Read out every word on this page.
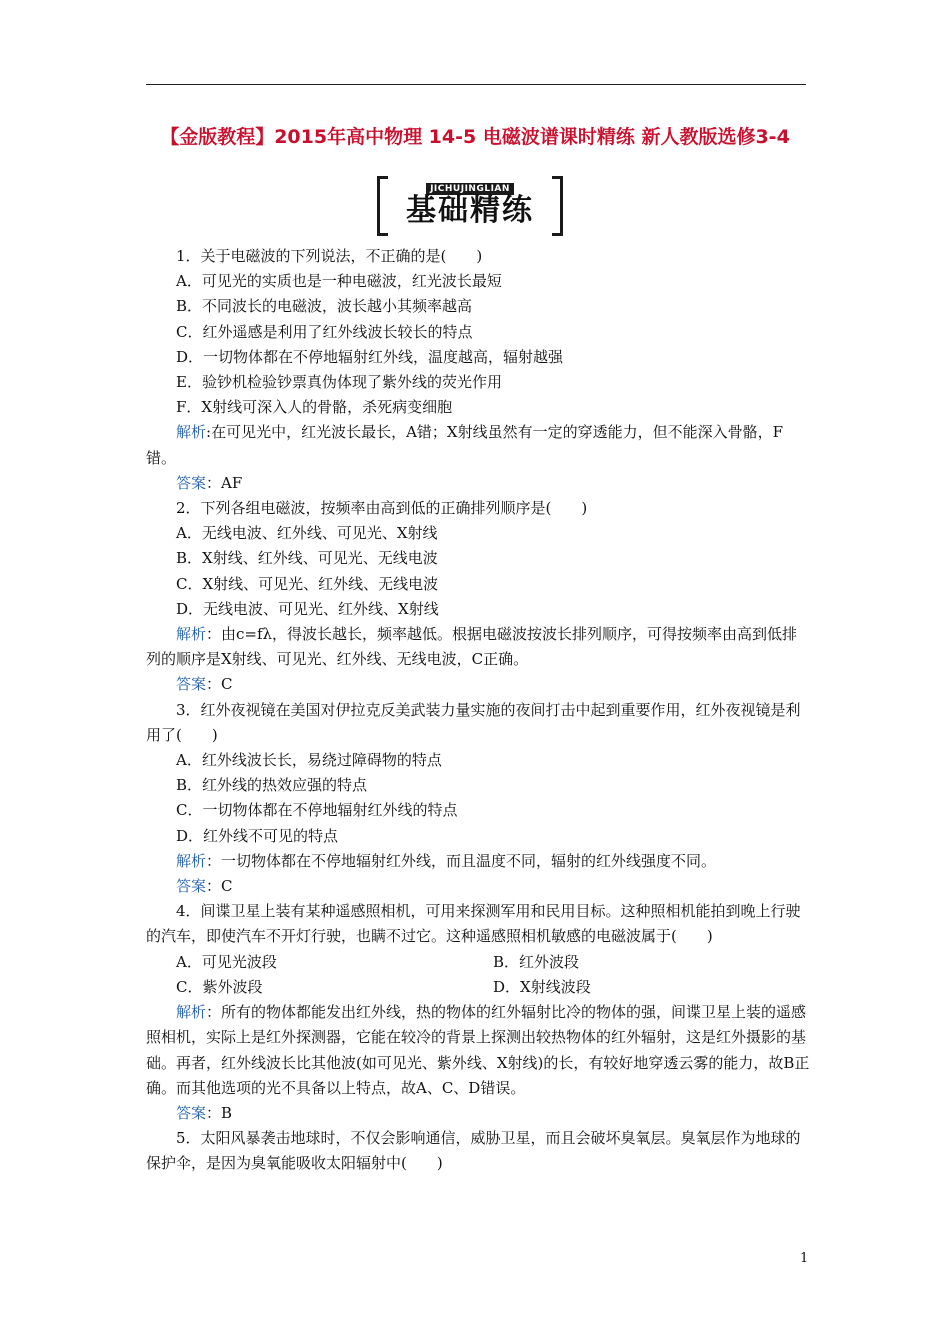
【金版教程】2015年高中物理 14-5 电磁波谱课时精练 新人教版选修3-4
JICHUJINGLIAN
基础精练

1．关于电磁波的下列说法，不正确的是(　　)

A．可见光的实质也是一种电磁波，红光波长最短

B．不同波长的电磁波，波长越小其频率越高

C．红外遥感是利用了红外线波长较长的特点

D．一切物体都在不停地辐射红外线，温度越高，辐射越强

E．验钞机检验钞票真伪体现了紫外线的荧光作用

F．X射线可深入人的骨骼，杀死病变细胞

解析:在可见光中，红光波长最长，A错；X射线虽然有一定的穿透能力，但不能深入骨骼，F错。

答案：AF

2．下列各组电磁波，按频率由高到低的正确排列顺序是(　　)

A．无线电波、红外线、可见光、X射线

B．X射线、红外线、可见光、无线电波

C．X射线、可见光、红外线、无线电波

D．无线电波、可见光、红外线、X射线

解析：由c=fλ，得波长越长，频率越低。根据电磁波按波长排列顺序，可得按频率由高到低排列的顺序是X射线、可见光、红外线、无线电波，C正确。

答案：C

3．红外夜视镜在美国对伊拉克反美武装力量实施的夜间打击中起到重要作用，红外夜视镜是利用了(　　)

A．红外线波长长，易绕过障碍物的特点

B．红外线的热效应强的特点

C．一切物体都在不停地辐射红外线的特点

D．红外线不可见的特点

解析：一切物体都在不停地辐射红外线，而且温度不同，辐射的红外线强度不同。

答案：C

4．间谍卫星上装有某种遥感照相机，可用来探测军用和民用目标。这种照相机能拍到晚上行驶的汽车，即使汽车不开灯行驶，也瞒不过它。这种遥感照相机敏感的电磁波属于(　　)

A．可见光波段	B．红外波段
C．紫外波段	D．X射线波段

解析：所有的物体都能发出红外线，热的物体的红外辐射比冷的物体的强，间谍卫星上装的遥感照相机，实际上是红外探测器，它能在较冷的背景上探测出较热物体的红外辐射，这是红外摄影的基础。再者，红外线波长比其他波(如可见光、紫外线、X射线)的长，有较好地穿透云雾的能力，故B正确。而其他选项的光不具备以上特点，故A、C、D错误。

答案：B

5．太阳风暴袭击地球时，不仅会影响通信，威胁卫星，而且会破坏臭氧层。臭氧层作为地球的保护伞，是因为臭氧能吸收太阳辐射中(　　)

1
